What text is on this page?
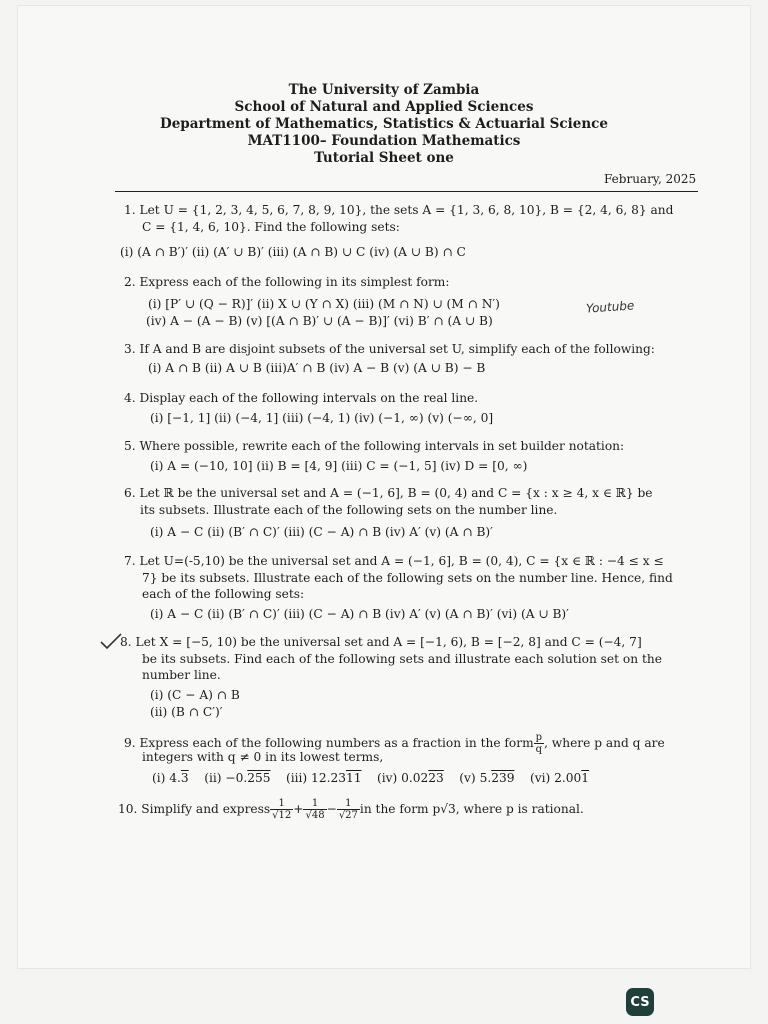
The University of Zambia
School of Natural and Applied Sciences
Department of Mathematics, Statistics & Actuarial Science
MAT1100– Foundation Mathematics
Tutorial Sheet one
February, 2025
1. Let U = {1, 2, 3, 4, 5, 6, 7, 8, 9, 10}, the sets A = {1, 3, 6, 8, 10}, B = {2, 4, 6, 8} and
C = {1, 4, 6, 10}. Find the following sets:
(i) (A ∩ B′)′ (ii) (A′ ∪ B)′ (iii) (A ∩ B) ∪ C (iv) (A ∪ B) ∩ C
2. Express each of the following in its simplest form:
(i) [P′ ∪ (Q − R)]′ (ii) X ∪ (Y ∩ X) (iii) (M ∩ N) ∪ (M ∩ N′)
(iv) A − (A − B) (v) [(A ∩ B)′ ∪ (A − B)]′ (vi) B′ ∩ (A ∪ B)
Youtube
3. If A and B are disjoint subsets of the universal set U, simplify each of the following:
(i) A ∩ B (ii) A ∪ B (iii)A′ ∩ B (iv) A − B (v) (A ∪ B) − B
4. Display each of the following intervals on the real line.
(i) [−1, 1] (ii) (−4, 1] (iii) (−4, 1) (iv) (−1, ∞) (v) (−∞, 0]
5. Where possible, rewrite each of the following intervals in set builder notation:
(i) A = (−10, 10] (ii) B = [4, 9] (iii) C = (−1, 5] (iv) D = [0, ∞)
6. Let ℝ be the universal set and A = (−1, 6], B = (0, 4) and C = {x : x ≥ 4, x ∈ ℝ} be
its subsets. Illustrate each of the following sets on the number line.
(i) A − C (ii) (B′ ∩ C)′ (iii) (C − A) ∩ B (iv) A′ (v) (A ∩ B)′
7. Let U=(-5,10) be the universal set and A = (−1, 6], B = (0, 4), C = {x ∈ ℝ : −4 ≤ x ≤
7} be its subsets. Illustrate each of the following sets on the number line. Hence, find
each of the following sets:
(i) A − C (ii) (B′ ∩ C)′ (iii) (C − A) ∩ B (iv) A′ (v) (A ∩ B)′ (vi) (A ∪ B)′
8. Let X = [−5, 10) be the universal set and A = [−1, 6), B = [−2, 8] and C = (−4, 7]
be its subsets. Find each of the following sets and illustrate each solution set on the
number line.
(i) (C − A) ∩ B
(ii) (B ∩ C′)′
9. Express each of the following numbers as a fraction in the form $\frac{p}{q}$ , where p and q are
integers with q ≠ 0 in its lowest terms,
(i) 4.3 (ii) −0.255 (iii) 12.2311 (iv) 0.0223 (v) 5.239 (vi) 2.001
10. Simplify and express $\frac{1}{√12} + \frac{1}{√48} - \frac{1}{√27}$ in the form p√3, where p is rational.
CS
